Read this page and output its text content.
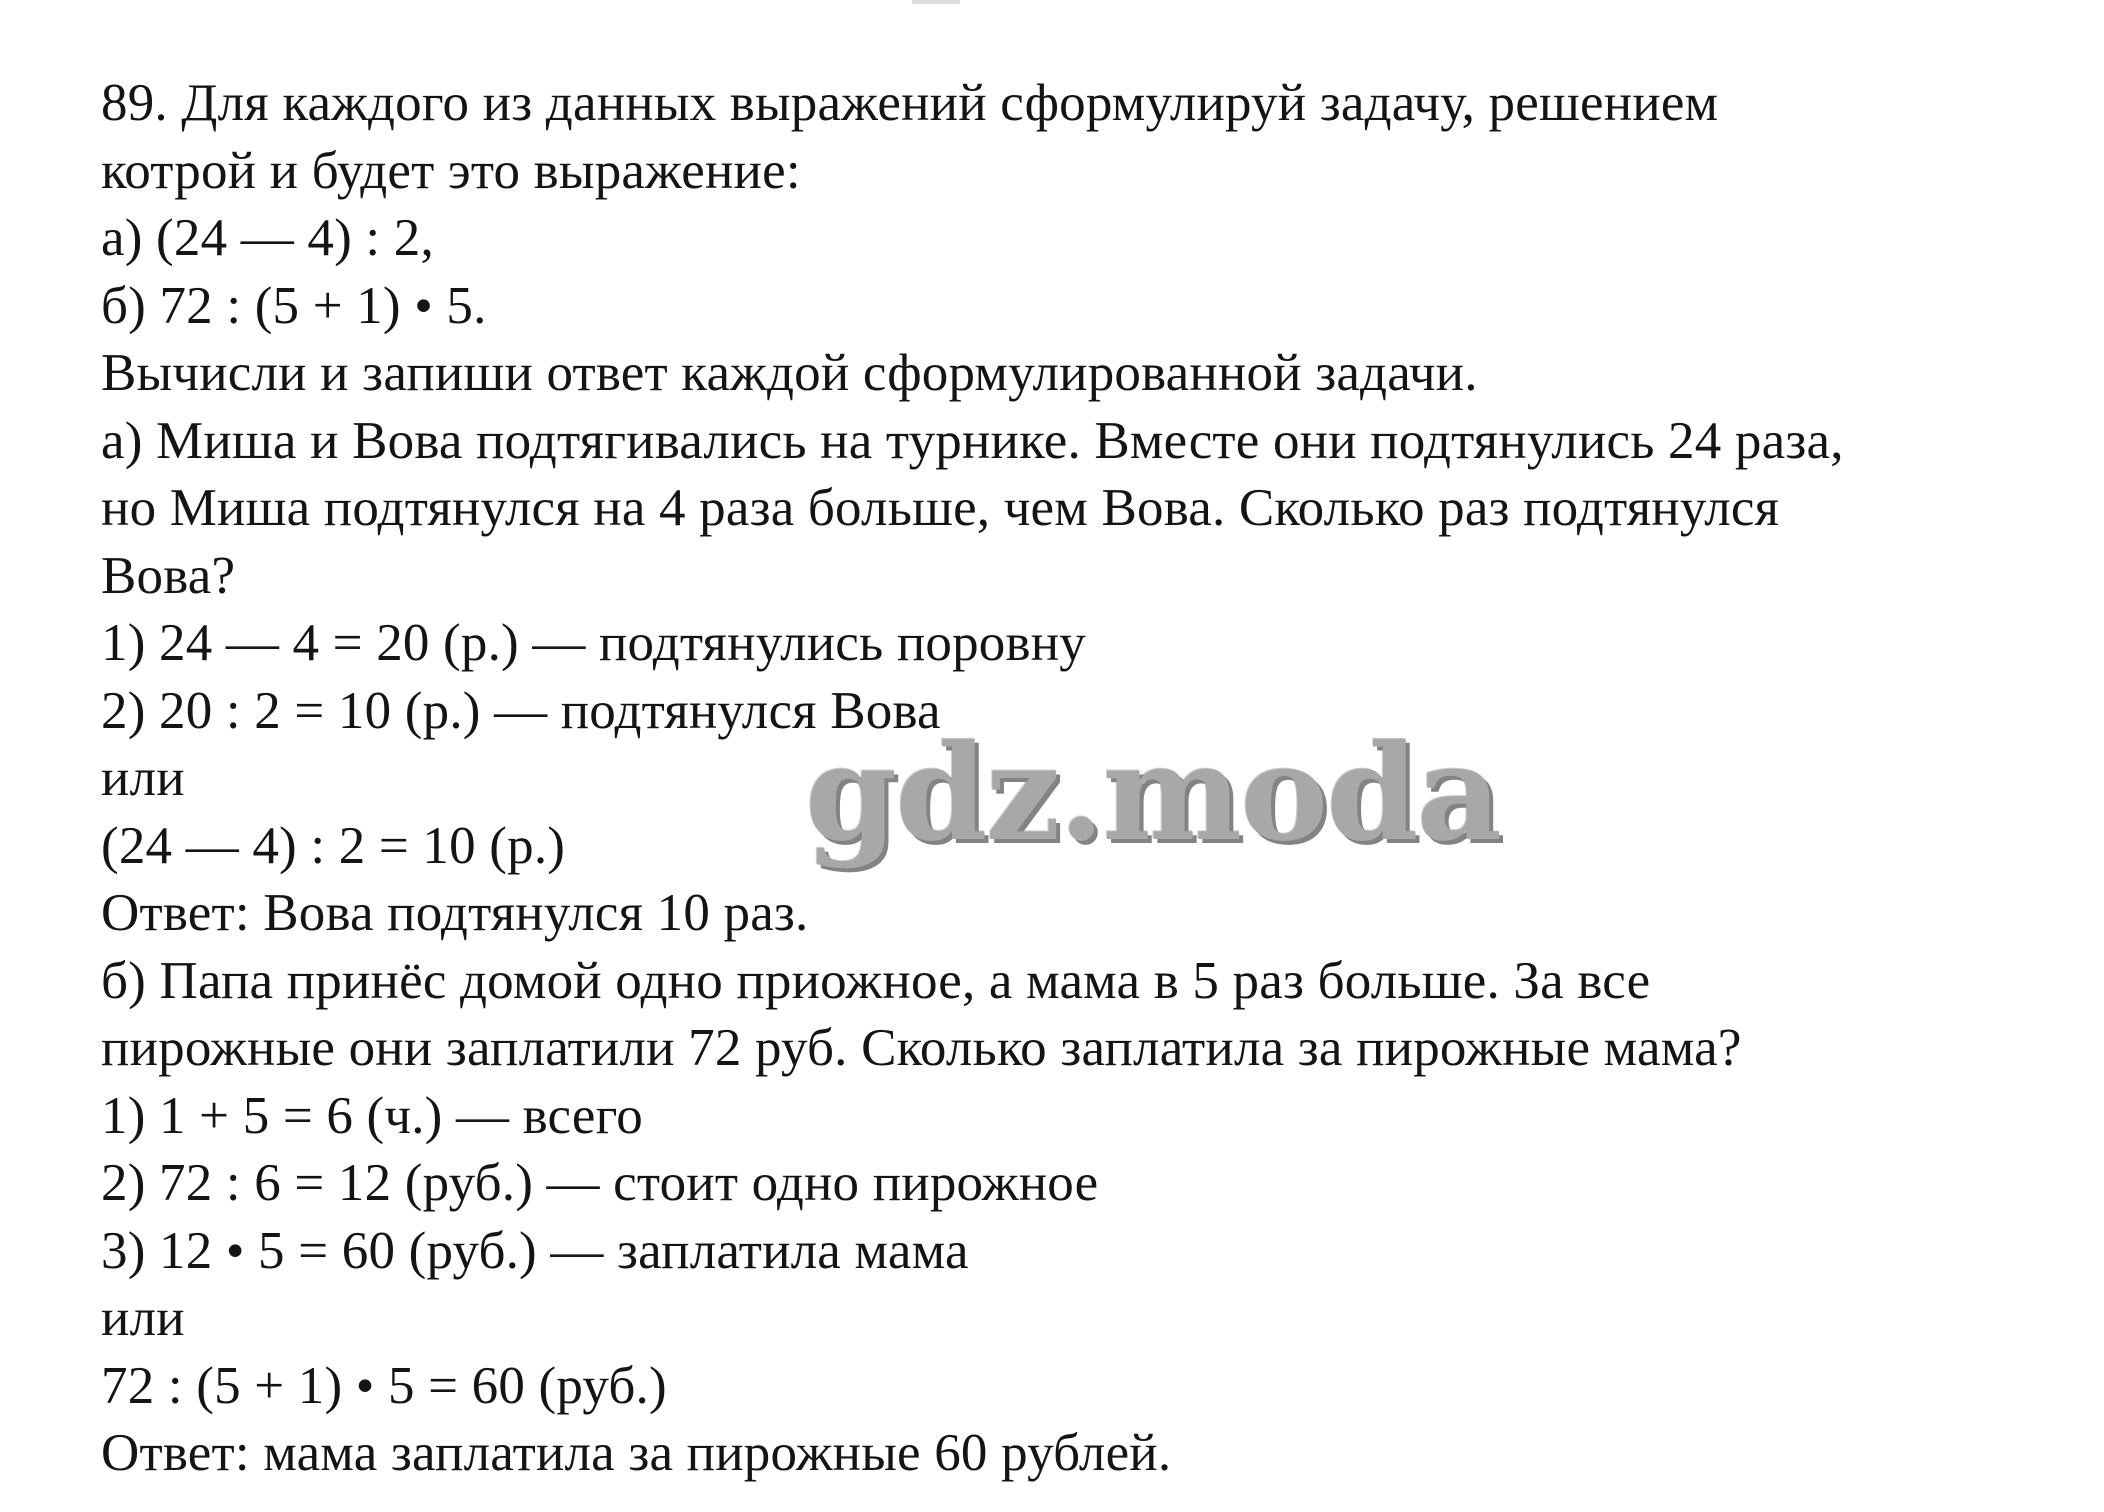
89. Для каждого из данных выражений сформулируй задачу, решением
котрой и будет это выражение:
а) (24 — 4) : 2,
б) 72 : (5 + 1) • 5.
Вычисли и запиши ответ каждой сформулированной задачи.
а) Миша и Вова подтягивались на турнике. Вместе они подтянулись 24 раза,
но Миша подтянулся на 4 раза больше, чем Вова. Сколько раз подтянулся
Вова?
1) 24 — 4 = 20 (р.) — подтянулись поровну
2) 20 : 2 = 10 (р.) — подтянулся Вова
или
(24 — 4) : 2 = 10 (р.)
Ответ: Вова подтянулся 10 раз.
б) Папа принёс домой одно приожное, а мама в 5 раз больше. За все
пирожные они заплатили 72 руб. Сколько заплатила за пирожные мама?
1) 1 + 5 = 6 (ч.) — всего
2) 72 : 6 = 12 (руб.) — стоит одно пирожное
3) 12 • 5 = 60 (руб.) — заплатила мама
или
72 : (5 + 1) • 5 = 60 (руб.)
Ответ: мама заплатила за пирожные 60 рублей.
gdz.moda
